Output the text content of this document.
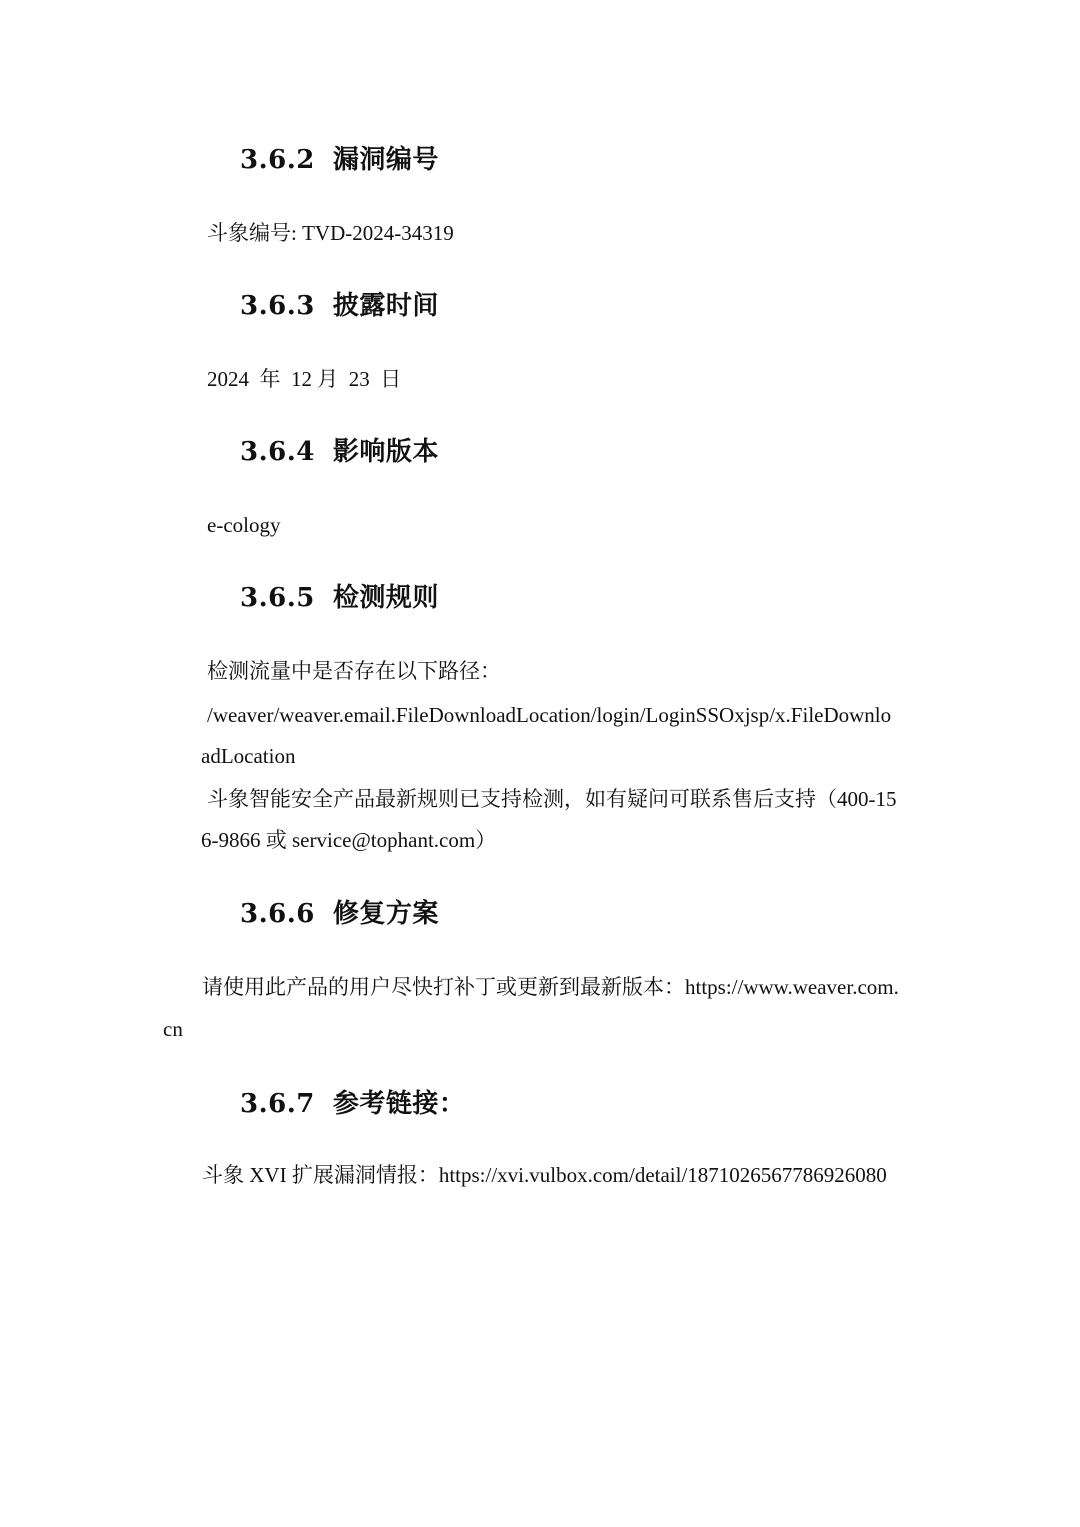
3.6.2 漏洞编号
斗象编号: TVD-2024-34319
3.6.3 披露时间
2024  年  12 月  23  日
3.6.4 影响版本
e-cology
3.6.5 检测规则
检测流量中是否存在以下路径：
/weaver/weaver.email.FileDownloadLocation/login/LoginSSOxjsp/x.FileDownlo
adLocation
斗象智能安全产品最新规则已支持检测，如有疑问可联系售后支持（400-15
6-9866 或 service@tophant.com）
3.6.6 修复方案
请使用此产品的用户尽快打补丁或更新到最新版本：https://www.weaver.com.
cn
3.6.7 参考链接：
斗象 XVI 扩展漏洞情报：https://xvi.vulbox.com/detail/1871026567786926080
